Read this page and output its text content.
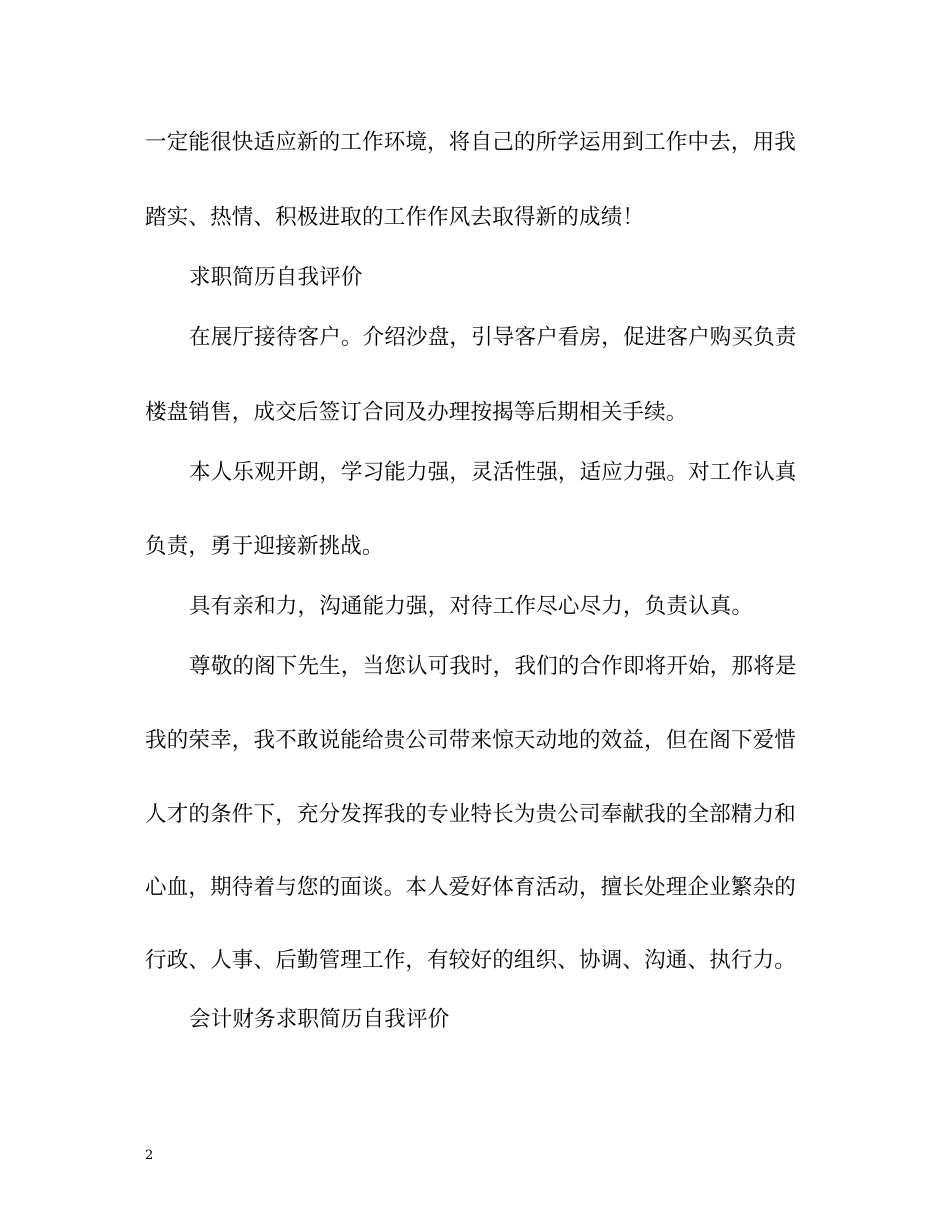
一定能很快适应新的工作环境，将自己的所学运用到工作中去，用我
踏实、热情、积极进取的工作作风去取得新的成绩！
求职简历自我评价
在展厅接待客户。介绍沙盘，引导客户看房，促进客户购买负责
楼盘销售，成交后签订合同及办理按揭等后期相关手续。
本人乐观开朗，学习能力强，灵活性强，适应力强。对工作认真
负责，勇于迎接新挑战。
具有亲和力，沟通能力强，对待工作尽心尽力，负责认真。
尊敬的阁下先生，当您认可我时，我们的合作即将开始，那将是
我的荣幸，我不敢说能给贵公司带来惊天动地的效益，但在阁下爱惜
人才的条件下，充分发挥我的专业特长为贵公司奉献我的全部精力和
心血，期待着与您的面谈。本人爱好体育活动，擅长处理企业繁杂的
行政、人事、后勤管理工作，有较好的组织、协调、沟通、执行力。
会计财务求职简历自我评价
2
